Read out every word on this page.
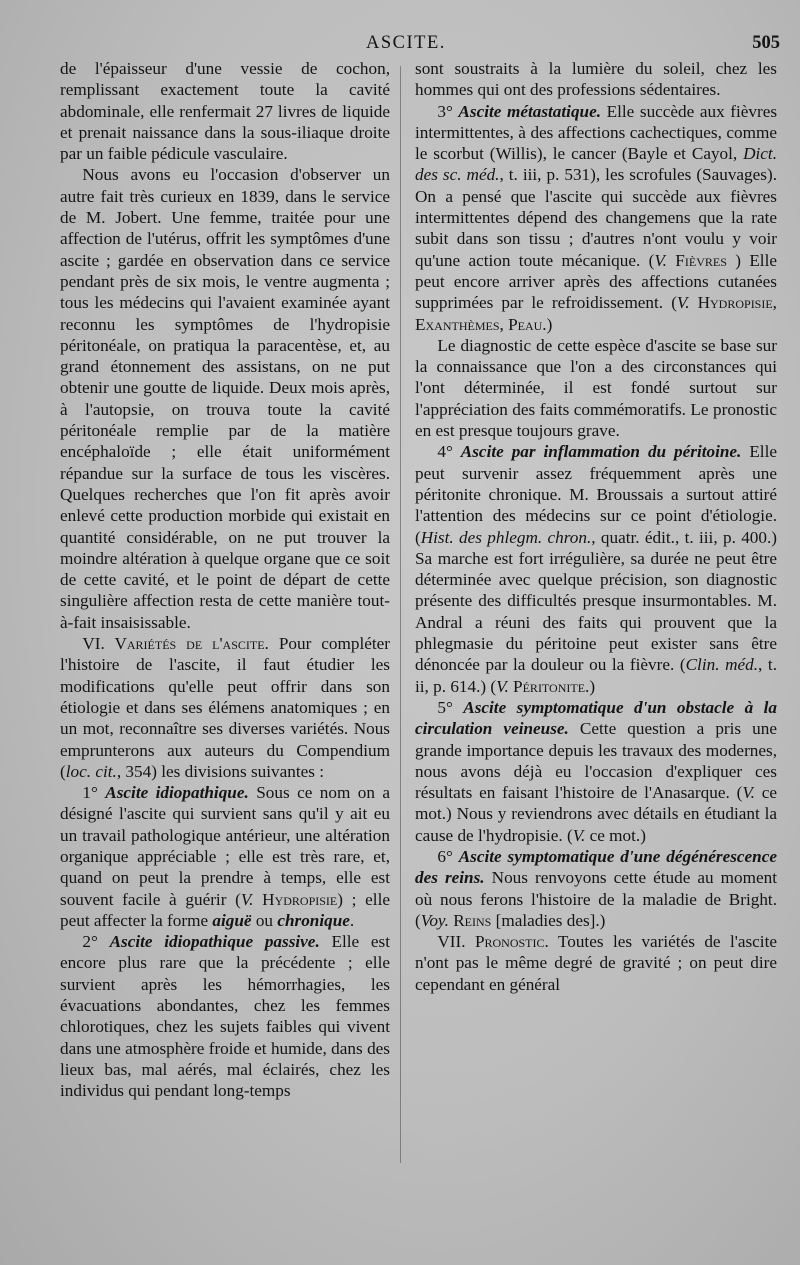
ASCITE.	505

de l'épaisseur d'une vessie de cochon, remplissant exactement toute la cavité abdominale, elle renfermait 27 livres de liquide et prenait naissance dans la sous-iliaque droite par un faible pédicule vasculaire.

Nous avons eu l'occasion d'observer un autre fait très curieux en 1839, dans le service de M. Jobert. Une femme, traitée pour une affection de l'utérus, offrit les symptômes d'une ascite ; gardée en observation dans ce service pendant près de six mois, le ventre augmenta ; tous les médecins qui l'avaient examinée ayant reconnu les symptômes de l'hydropisie péritonéale, on pratiqua la paracentèse, et, au grand étonnement des assistans, on ne put obtenir une goutte de liquide. Deux mois après, à l'autopsie, on trouva toute la cavité péritonéale remplie par de la matière encéphaloïde ; elle était uniformément répandue sur la surface de tous les viscères. Quelques recherches que l'on fit après avoir enlevé cette production morbide qui existait en quantité considérable, on ne put trouver la moindre altération à quelque organe que ce soit de cette cavité, et le point de départ de cette singulière affection resta de cette manière tout-à-fait insaisissable.

VI. Variétés de l'ascite. Pour compléter l'histoire de l'ascite, il faut étudier les modifications qu'elle peut offrir dans son étiologie et dans ses élémens anatomiques ; en un mot, reconnaître ses diverses variétés. Nous emprunterons aux auteurs du Compendium (loc. cit., 354) les divisions suivantes :

1° Ascite idiopathique. Sous ce nom on a désigné l'ascite qui survient sans qu'il y ait eu un travail pathologique antérieur, une altération organique appréciable ; elle est très rare, et, quand on peut la prendre à temps, elle est souvent facile à guérir (V. Hydropisie) ; elle peut affecter la forme aiguë ou chronique.

2° Ascite idiopathique passive. Elle est encore plus rare que la précédente ; elle survient après les hémorrhagies, les évacuations abondantes, chez les femmes chlorotiques, chez les sujets faibles qui vivent dans une atmosphère froide et humide, dans des lieux bas, mal aérés, mal éclairés, chez les individus qui pendant long-temps

sont soustraits à la lumière du soleil, chez les hommes qui ont des professions sédentaires.

3° Ascite métastatique. Elle succède aux fièvres intermittentes, à des affections cachectiques, comme le scorbut (Willis), le cancer (Bayle et Cayol, Dict. des sc. méd., t. iii, p. 531), les scrofules (Sauvages). On a pensé que l'ascite qui succède aux fièvres intermittentes dépend des changemens que la rate subit dans son tissu ; d'autres n'ont voulu y voir qu'une action toute mécanique. (V. Fièvres ) Elle peut encore arriver après des affections cutanées supprimées par le refroidissement. (V. Hydropisie, Exanthèmes, Peau.)

Le diagnostic de cette espèce d'ascite se base sur la connaissance que l'on a des circonstances qui l'ont déterminée, il est fondé surtout sur l'appréciation des faits commémoratifs. Le pronostic en est presque toujours grave.

4° Ascite par inflammation du péritoine. Elle peut survenir assez fréquemment après une péritonite chronique. M. Broussais a surtout attiré l'attention des médecins sur ce point d'étiologie. (Hist. des phlegm. chron., quatr. édit., t. iii, p. 400.) Sa marche est fort irrégulière, sa durée ne peut être déterminée avec quelque précision, son diagnostic présente des difficultés presque insurmontables. M. Andral a réuni des faits qui prouvent que la phlegmasie du péritoine peut exister sans être dénoncée par la douleur ou la fièvre. (Clin. méd., t. ii, p. 614.) (V. Péritonite.)

5° Ascite symptomatique d'un obstacle à la circulation veineuse. Cette question a pris une grande importance depuis les travaux des modernes, nous avons déjà eu l'occasion d'expliquer ces résultats en faisant l'histoire de l'Anasarque. (V. ce mot.) Nous y reviendrons avec détails en étudiant la cause de l'hydropisie. (V. ce mot.)

6° Ascite symptomatique d'une dégénérescence des reins. Nous renvoyons cette étude au moment où nous ferons l'histoire de la maladie de Bright. (Voy. Reins [maladies des].)

VII. Pronostic. Toutes les variétés de l'ascite n'ont pas le même degré de gravité ; on peut dire cependant en général
